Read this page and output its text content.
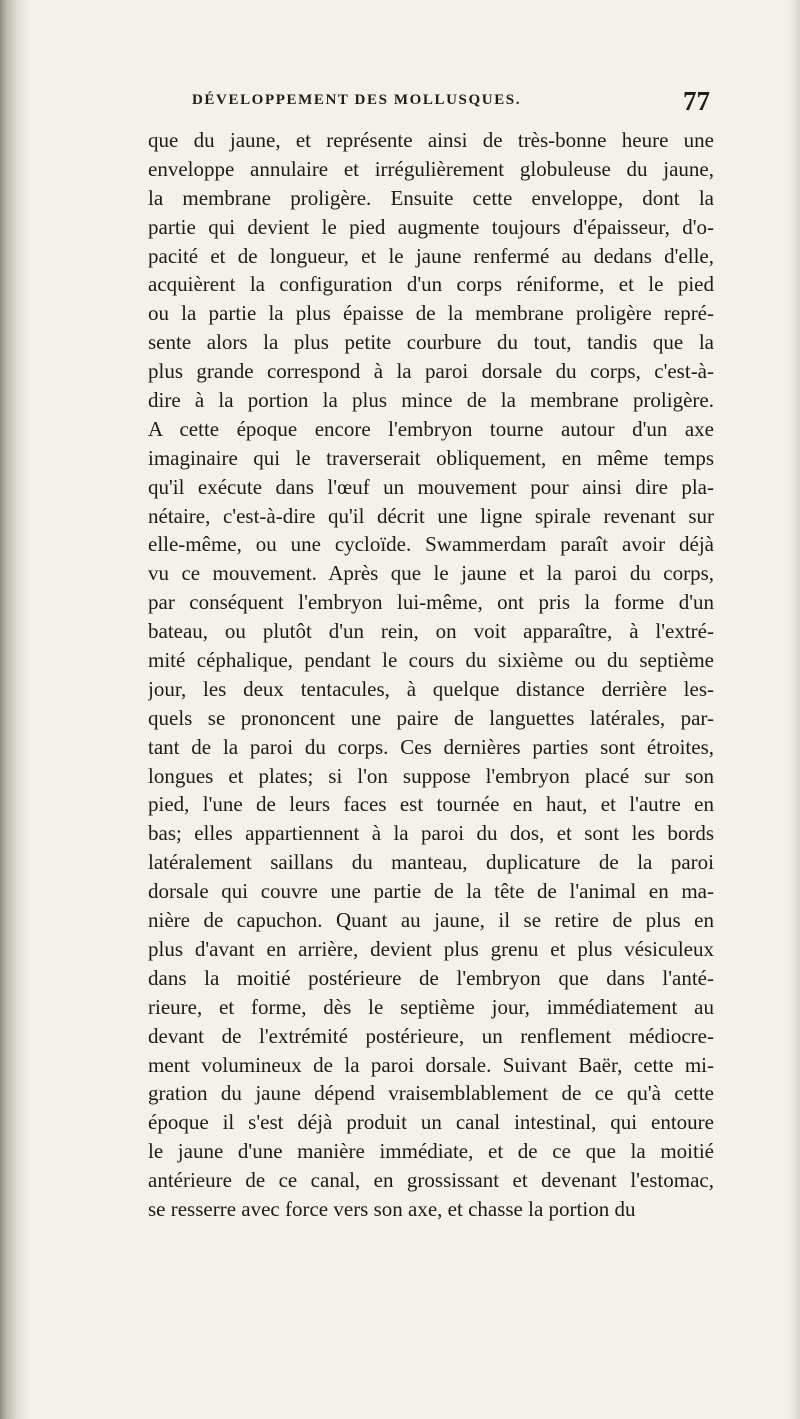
DÉVELOPPEMENT DES MOLLUSQUES.	77
que du jaune, et représente ainsi de très-bonne heure une
enveloppe annulaire et irrégulièrement globuleuse du jaune,
la membrane proligère. Ensuite cette enveloppe, dont la
partie qui devient le pied augmente toujours d'épaisseur, d'o-
pacité et de longueur, et le jaune renfermé au dedans d'elle,
acquièrent la configuration d'un corps réniforme, et le pied
ou la partie la plus épaisse de la membrane proligère repré-
sente alors la plus petite courbure du tout, tandis que la
plus grande correspond à la paroi dorsale du corps, c'est-à-
dire à la portion la plus mince de la membrane proligère.
A cette époque encore l'embryon tourne autour d'un axe
imaginaire qui le traverserait obliquement, en même temps
qu'il exécute dans l'œuf un mouvement pour ainsi dire pla-
nétaire, c'est-à-dire qu'il décrit une ligne spirale revenant sur
elle-même, ou une cycloïde. Swammerdam paraît avoir déjà
vu ce mouvement. Après que le jaune et la paroi du corps,
par conséquent l'embryon lui-même, ont pris la forme d'un
bateau, ou plutôt d'un rein, on voit apparaître, à l'extré-
mité céphalique, pendant le cours du sixième ou du septième
jour, les deux tentacules, à quelque distance derrière les-
quels se prononcent une paire de languettes latérales, par-
tant de la paroi du corps. Ces dernières parties sont étroites,
longues et plates; si l'on suppose l'embryon placé sur son
pied, l'une de leurs faces est tournée en haut, et l'autre en
bas; elles appartiennent à la paroi du dos, et sont les bords
latéralement saillans du manteau, duplicature de la paroi
dorsale qui couvre une partie de la tête de l'animal en ma-
nière de capuchon. Quant au jaune, il se retire de plus en
plus d'avant en arrière, devient plus grenu et plus vésiculeux
dans la moitié postérieure de l'embryon que dans l'anté-
rieure, et forme, dès le septième jour, immédiatement au
devant de l'extrémité postérieure, un renflement médiocre-
ment volumineux de la paroi dorsale. Suivant Baër, cette mi-
gration du jaune dépend vraisemblablement de ce qu'à cette
époque il s'est déjà produit un canal intestinal, qui entoure
le jaune d'une manière immédiate, et de ce que la moitié
antérieure de ce canal, en grossissant et devenant l'estomac,
se resserre avec force vers son axe, et chasse la portion du
